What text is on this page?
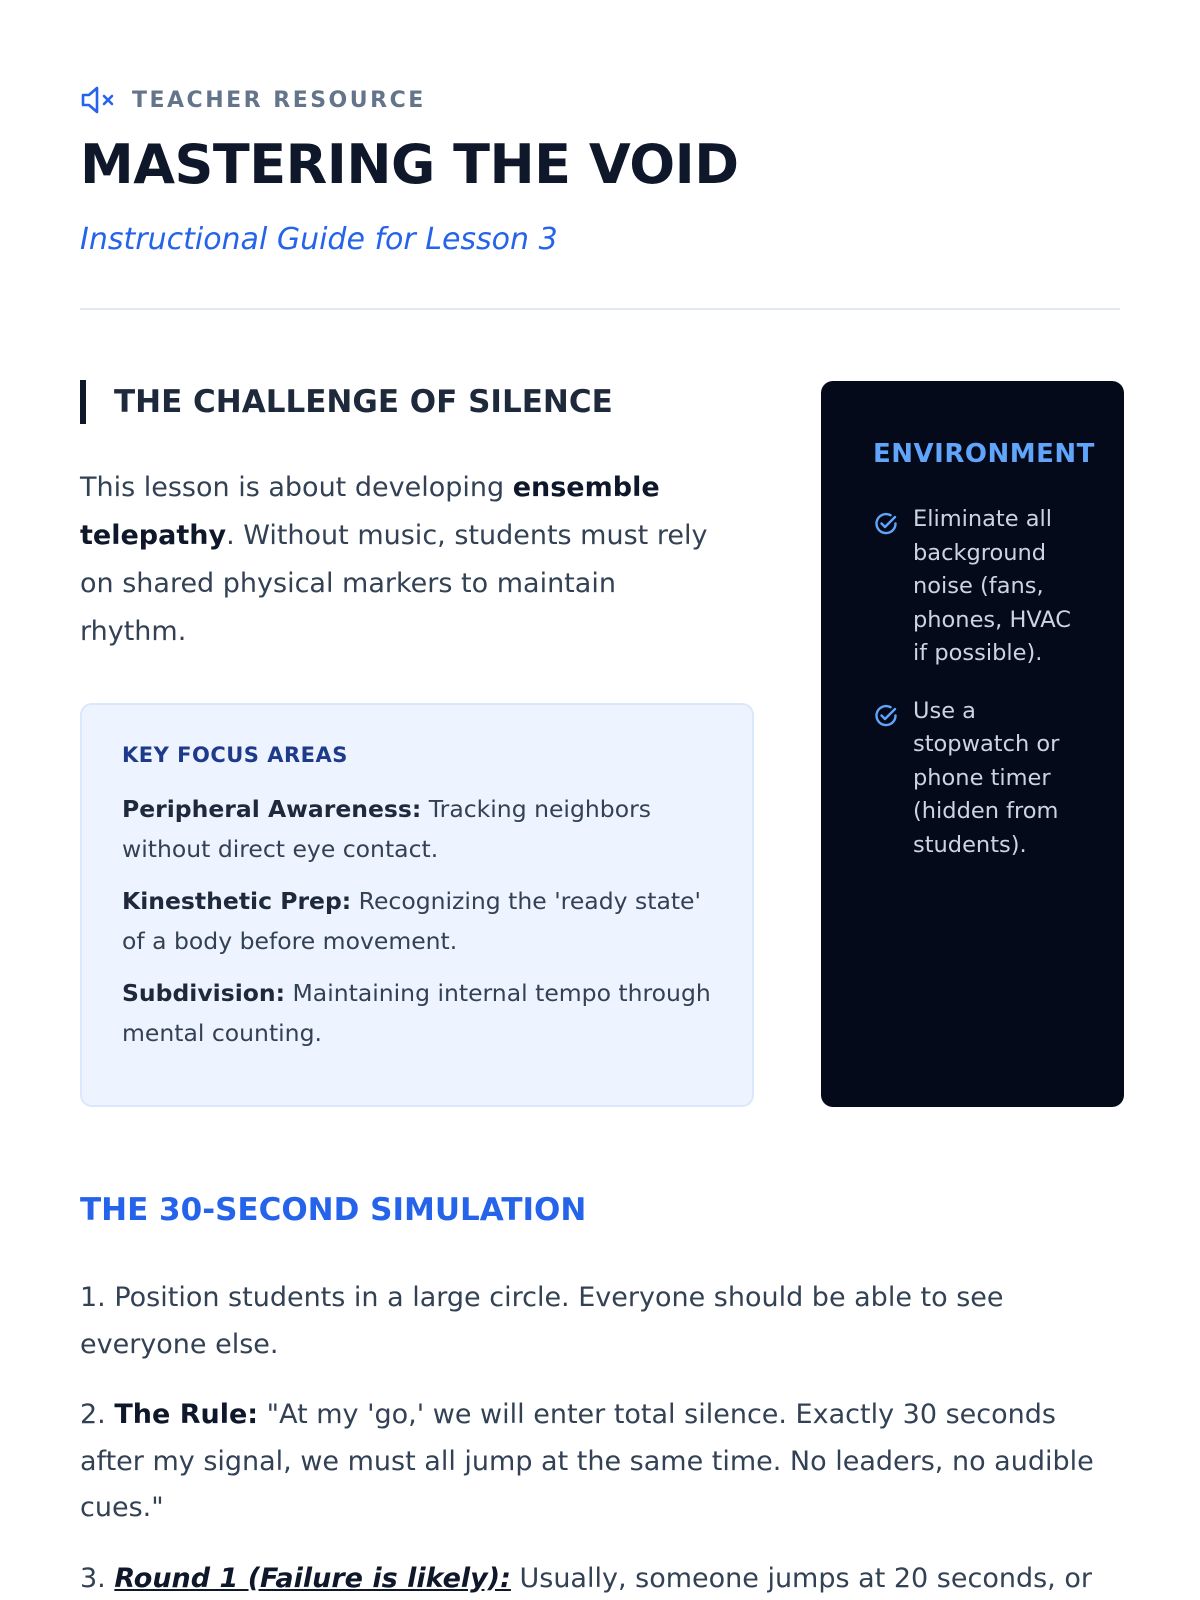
TEACHER RESOURCE
MASTERING THE VOID

Instructional Guide for Lesson 3

THE CHALLENGE OF SILENCE

This lesson is about developing ensemble telepathy. Without music, students must rely on shared physical markers to maintain rhythm.

KEY FOCUS AREAS

Peripheral Awareness: Tracking neighbors without direct eye contact.

Kinesthetic Prep: Recognizing the 'ready state' of a body before movement.

Subdivision: Maintaining internal tempo through mental counting.

ENVIRONMENT

Eliminate all background noise (fans, phones, HVAC if possible).
Use a stopwatch or phone timer (hidden from students).
THE 30-SECOND SIMULATION

1. Position students in a large circle. Everyone should be able to see everyone else.

2. The Rule: "At my 'go,' we will enter total silence. Exactly 30 seconds after my signal, we must all jump at the same time. No leaders, no audible cues."

3. Round 1 (Failure is likely): Usually, someone jumps at 20 seconds, or
